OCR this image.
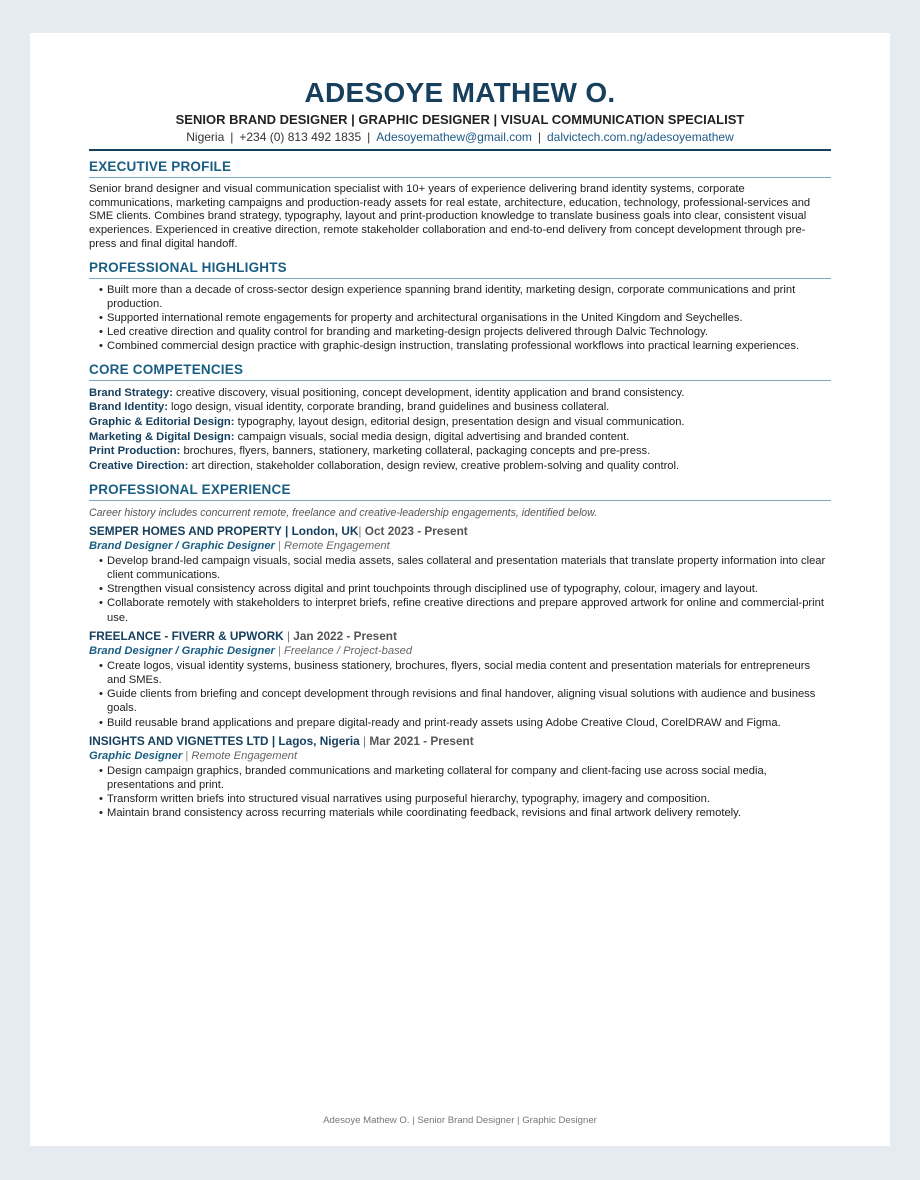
ADESOYE MATHEW O.
SENIOR BRAND DESIGNER | GRAPHIC DESIGNER | VISUAL COMMUNICATION SPECIALIST
Nigeria | +234 (0) 813 492 1835 | Adesoyemathew@gmail.com | dalvictech.com.ng/adesoyemathew
EXECUTIVE PROFILE
Senior brand designer and visual communication specialist with 10+ years of experience delivering brand identity systems, corporate communications, marketing campaigns and production-ready assets for real estate, architecture, education, technology, professional-services and SME clients. Combines brand strategy, typography, layout and print-production knowledge to translate business goals into clear, consistent visual experiences. Experienced in creative direction, remote stakeholder collaboration and end-to-end delivery from concept development through pre-press and final digital handoff.
PROFESSIONAL HIGHLIGHTS
• Built more than a decade of cross-sector design experience spanning brand identity, marketing design, corporate communications and print production.
• Supported international remote engagements for property and architectural organisations in the United Kingdom and Seychelles.
• Led creative direction and quality control for branding and marketing-design projects delivered through Dalvic Technology.
• Combined commercial design practice with graphic-design instruction, translating professional workflows into practical learning experiences.
CORE COMPETENCIES
Brand Strategy: creative discovery, visual positioning, concept development, identity application and brand consistency.
Brand Identity: logo design, visual identity, corporate branding, brand guidelines and business collateral.
Graphic & Editorial Design: typography, layout design, editorial design, presentation design and visual communication.
Marketing & Digital Design: campaign visuals, social media design, digital advertising and branded content.
Print Production: brochures, flyers, banners, stationery, marketing collateral, packaging concepts and pre-press.
Creative Direction: art direction, stakeholder collaboration, design review, creative problem-solving and quality control.
PROFESSIONAL EXPERIENCE
Career history includes concurrent remote, freelance and creative-leadership engagements, identified below.
SEMPER HOMES AND PROPERTY | London, UK| Oct 2023 - Present
Brand Designer / Graphic Designer | Remote Engagement
• Develop brand-led campaign visuals, social media assets, sales collateral and presentation materials that translate property information into clear client communications.
• Strengthen visual consistency across digital and print touchpoints through disciplined use of typography, colour, imagery and layout.
• Collaborate remotely with stakeholders to interpret briefs, refine creative directions and prepare approved artwork for online and commercial-print use.
FREELANCE - FIVERR & UPWORK | Jan 2022 - Present
Brand Designer / Graphic Designer | Freelance / Project-based
• Create logos, visual identity systems, business stationery, brochures, flyers, social media content and presentation materials for entrepreneurs and SMEs.
• Guide clients from briefing and concept development through revisions and final handover, aligning visual solutions with audience and business goals.
• Build reusable brand applications and prepare digital-ready and print-ready assets using Adobe Creative Cloud, CorelDRAW and Figma.
INSIGHTS AND VIGNETTES LTD | Lagos, Nigeria | Mar 2021 - Present
Graphic Designer | Remote Engagement
• Design campaign graphics, branded communications and marketing collateral for company and client-facing use across social media, presentations and print.
• Transform written briefs into structured visual narratives using purposeful hierarchy, typography, imagery and composition.
• Maintain brand consistency across recurring materials while coordinating feedback, revisions and final artwork delivery remotely.
Adesoye Mathew O. | Senior Brand Designer | Graphic Designer
